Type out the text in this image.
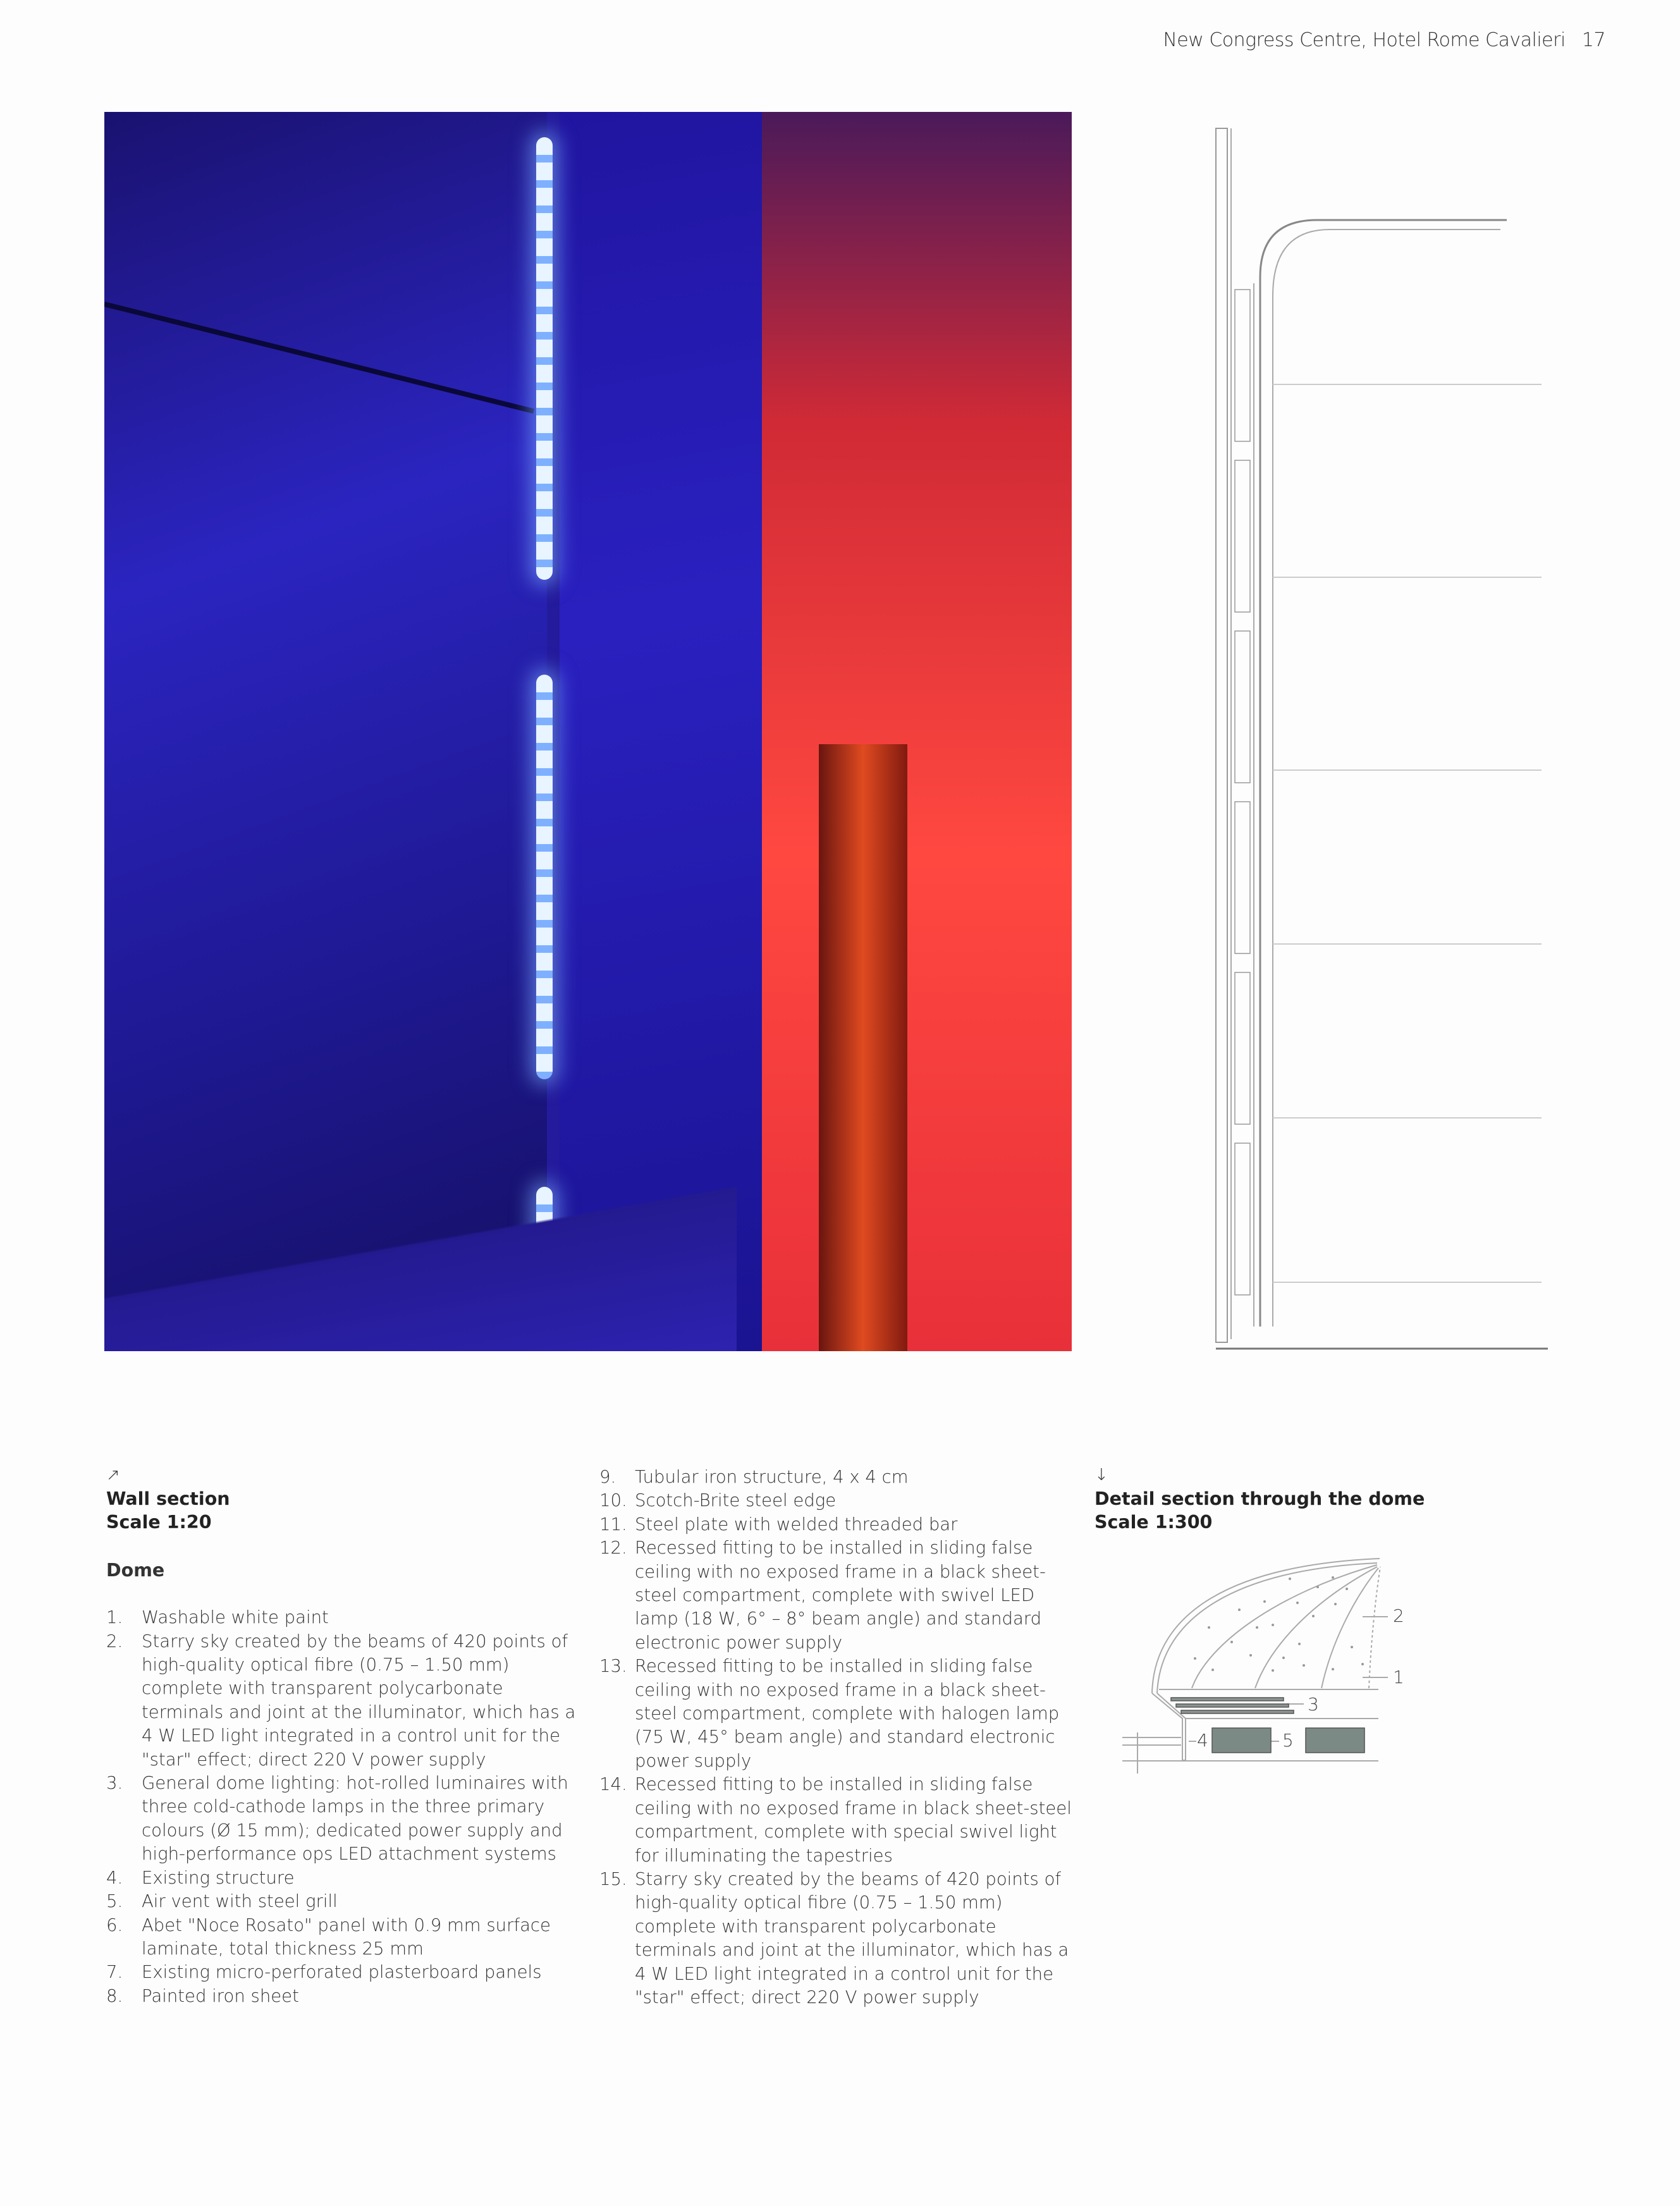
New Congress Centre, Hotel Rome Cavalieri 17
↗
Wall section
Scale 1:20
Dome
1.	Washable white paint
2.	Starry sky created by the beams of 420 points of high-quality optical fibre (0.75 – 1.50 mm) complete with transparent polycarbonate terminals and joint at the illuminator, which has a 4 W LED light integrated in a control unit for the "star" effect; direct 220 V power supply
3.	General dome lighting: hot-rolled luminaires with three cold-cathode lamps in the three primary colours (Ø 15 mm); dedicated power supply and high-performance ops LED attachment systems
4.	Existing structure
5.	Air vent with steel grill
6.	Abet "Noce Rosato" panel with 0.9 mm surface laminate, total thickness 25 mm
7.	Existing micro-perforated plasterboard panels
8.	Painted iron sheet
9.	Tubular iron structure, 4 x 4 cm
10. Scotch-Brite steel edge
11. Steel plate with welded threaded bar
12. Recessed fitting to be installed in sliding false ceiling with no exposed frame in a black sheet-steel compartment, complete with swivel LED lamp (18 W, 6° – 8° beam angle) and standard electronic power supply
13. Recessed fitting to be installed in sliding false ceiling with no exposed frame in a black sheet-steel compartment, complete with halogen lamp (75 W, 45° beam angle) and standard electronic power supply
14. Recessed fitting to be installed in sliding false ceiling with no exposed frame in black sheet-steel compartment, complete with special swivel light for illuminating the tapestries
15. Starry sky created by the beams of 420 points of high-quality optical fibre (0.75 – 1.50 mm) complete with transparent polycarbonate terminals and joint at the illuminator, which has a 4 W LED light integrated in a control unit for the "star" effect; direct 220 V power supply
↓
Detail section through the dome
Scale 1:300
2
1
3
4	5
